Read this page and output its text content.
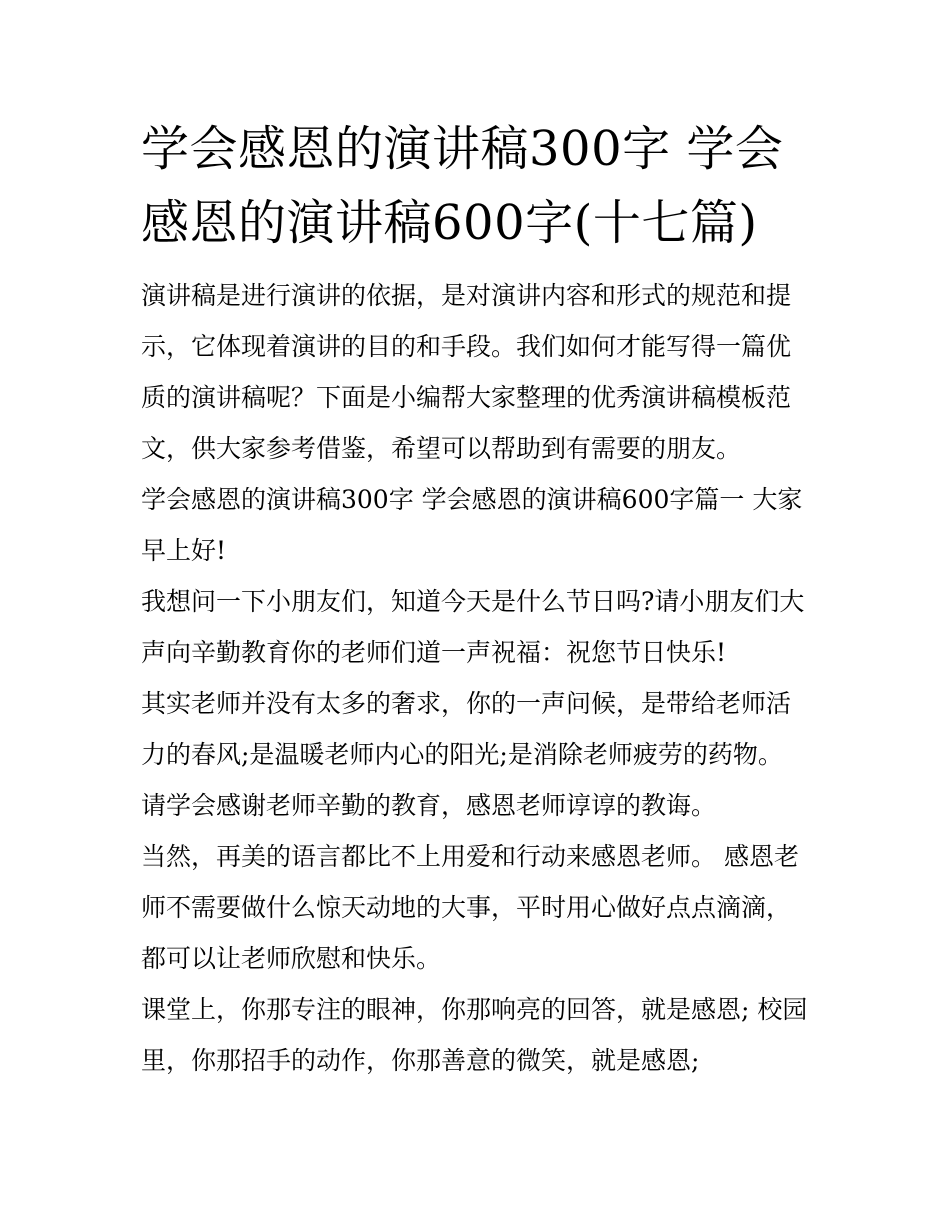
学会感恩的演讲稿300字 学会感恩的演讲稿600字(十七篇)

演讲稿是进行演讲的依据，是对演讲内容和形式的规范和提示，它体现着演讲的目的和手段。我们如何才能写得一篇优质的演讲稿呢？下面是小编帮大家整理的优秀演讲稿模板范文，供大家参考借鉴，希望可以帮助到有需要的朋友。

学会感恩的演讲稿300字 学会感恩的演讲稿600字篇一 大家早上好!

我想问一下小朋友们，知道今天是什么节日吗?请小朋友们大声向辛勤教育你的老师们道一声祝福：祝您节日快乐!

其实老师并没有太多的奢求，你的一声问候，是带给老师活力的春风;是温暖老师内心的阳光;是消除老师疲劳的药物。 请学会感谢老师辛勤的教育，感恩老师谆谆的教诲。

当然，再美的语言都比不上用爱和行动来感恩老师。 感恩老师不需要做什么惊天动地的大事，平时用心做好点点滴滴，都可以让老师欣慰和快乐。

课堂上，你那专注的眼神，你那响亮的回答，就是感恩; 校园里，你那招手的动作，你那善意的微笑，就是感恩;
